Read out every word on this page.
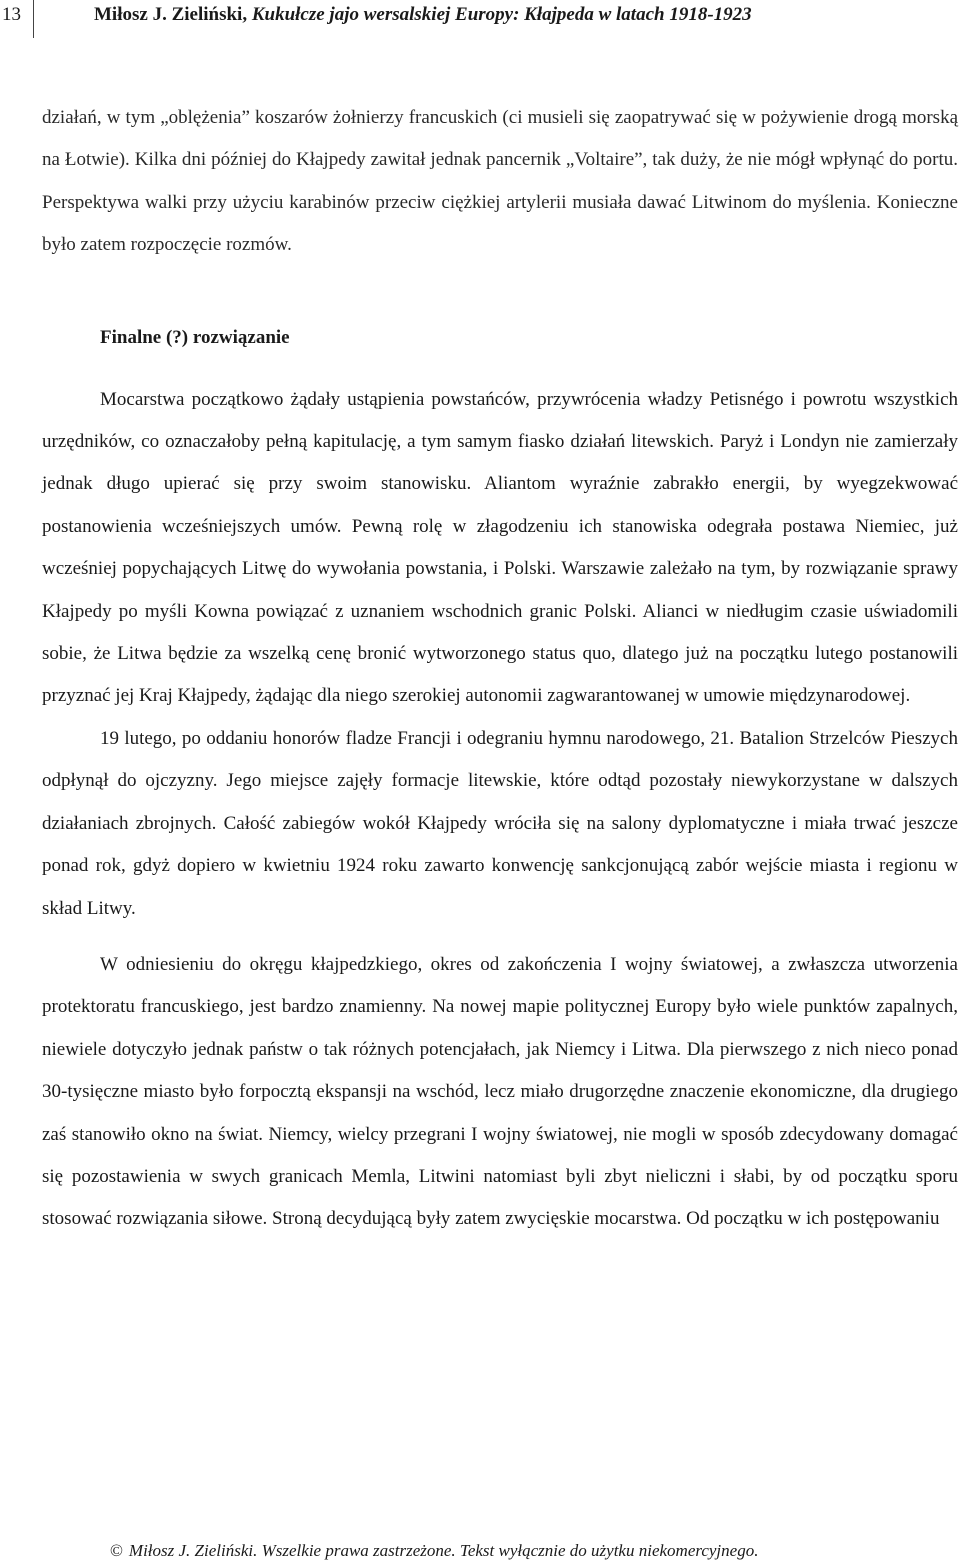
13	Miłosz J. Zieliński, Kukułcze jajo wersalskiej Europy: Kłajpeda w latach 1918-1923

działań, w tym „oblężenia” koszarów żołnierzy francuskich (ci musieli się zaopatrywać się w pożywienie drogą morską na Łotwie). Kilka dni później do Kłajpedy zawitał jednak pancernik „Voltaire”, tak duży, że nie mógł wpłynąć do portu. Perspektywa walki przy użyciu karabinów przeciw ciężkiej artylerii musiała dawać Litwinom do myślenia. Konieczne było zatem rozpoczęcie rozmów.

Finalne (?) rozwiązanie

Mocarstwa początkowo żądały ustąpienia powstańców, przywrócenia władzy Petisnégo i powrotu wszystkich urzędników, co oznaczałoby pełną kapitulację, a tym samym fiasko działań litewskich. Paryż i Londyn nie zamierzały jednak długo upierać się przy swoim stanowisku. Aliantom wyraźnie zabrakło energii, by wyegzekwować postanowienia wcześniejszych umów. Pewną rolę w złagodzeniu ich stanowiska odegrała postawa Niemiec, już wcześniej popychających Litwę do wywołania powstania, i Polski. Warszawie zależało na tym, by rozwiązanie sprawy Kłajpedy po myśli Kowna powiązać z uznaniem wschodnich granic Polski. Alianci w niedługim czasie uświadomili sobie, że Litwa będzie za wszelką cenę bronić wytworzonego status quo, dlatego już na początku lutego postanowili przyznać jej Kraj Kłajpedy, żądając dla niego szerokiej autonomii zagwarantowanej w umowie międzynarodowej.

19 lutego, po oddaniu honorów fladze Francji i odegraniu hymnu narodowego, 21. Batalion Strzelców Pieszych odpłynął do ojczyzny. Jego miejsce zajęły formacje litewskie, które odtąd pozostały niewykorzystane w dalszych działaniach zbrojnych. Całość zabiegów wokół Kłajpedy wróciła się na salony dyplomatyczne i miała trwać jeszcze ponad rok, gdyż dopiero w kwietniu 1924 roku zawarto konwencję sankcjonującą zabór wejście miasta i regionu w skład Litwy.

W odniesieniu do okręgu kłajpedzkiego, okres od zakończenia I wojny światowej, a zwłaszcza utworzenia protektoratu francuskiego, jest bardzo znamienny. Na nowej mapie politycznej Europy było wiele punktów zapalnych, niewiele dotyczyło jednak państw o tak różnych potencjałach, jak Niemcy i Litwa. Dla pierwszego z nich nieco ponad 30-tysięczne miasto było forpocztą ekspansji na wschód, lecz miało drugorzędne znaczenie ekonomiczne, dla drugiego zaś stanowiło okno na świat. Niemcy, wielcy przegrani I wojny światowej, nie mogli w sposób zdecydowany domagać się pozostawienia w swych granicach Memla, Litwini natomiast byli zbyt nieliczni i słabi, by od początku sporu stosować rozwiązania siłowe. Stroną decydującą były zatem zwycięskie mocarstwa. Od początku w ich postępowaniu

© Miłosz J. Zieliński. Wszelkie prawa zastrzeżone. Tekst wyłącznie do użytku niekomercyjnego.
